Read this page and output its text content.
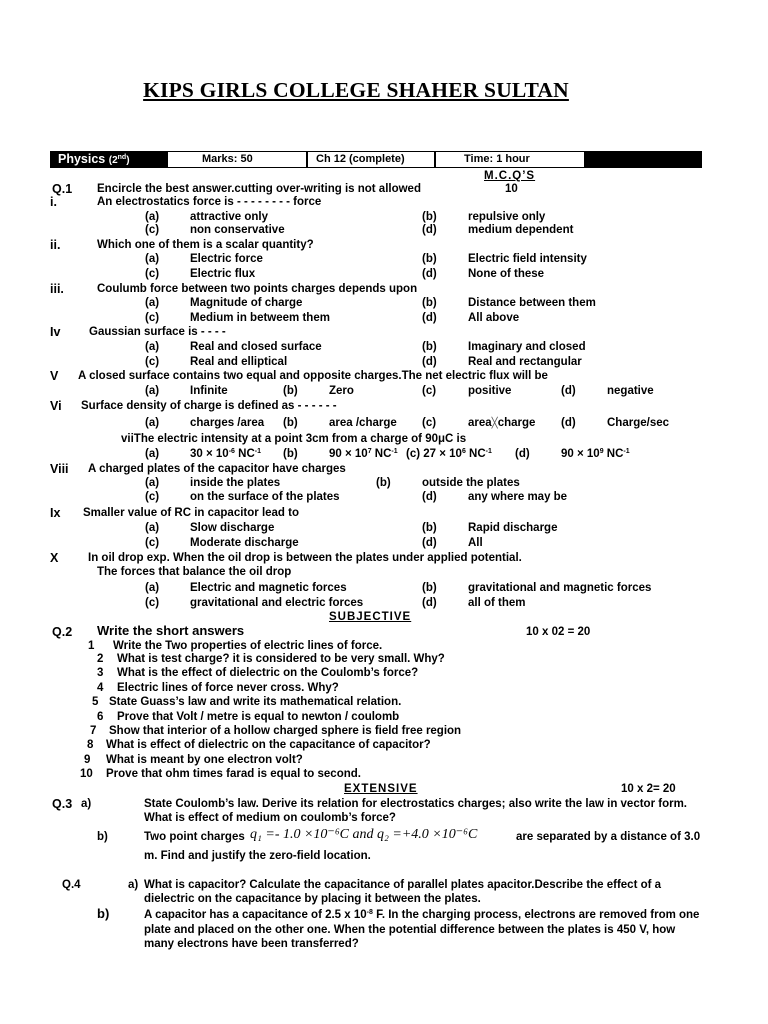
KIPS GIRLS COLLEGE SHAHER SULTAN
Physics (2nd)	Marks: 50	Ch 12 (complete)	Time: 1 hour
M.C.Q’S
Q.1 Encircle the best answer.cutting over-writing is not allowed	10
i.	An electrostatics force is - - - - - - - - force
(a)	attractive only	(b)	repulsive only
(c)	non conservative	(d)	medium dependent
ii.	Which one of them is a scalar quantity?
(a)	Electric force	(b)	Electric field intensity
(c)	Electric flux	(d)	None of these
iii.	Coulumb force between two points charges depends upon
(a)	Magnitude of charge	(b)	Distance between them
(c)	Medium in betweem them	(d)	All above
Iv Gaussian surface is - - - -
(a)	Real and closed surface	(b)	Imaginary and closed
(c)	Real and elliptical	(d)	Real and rectangular
V A closed surface contains two equal and opposite charges.The net electric flux will be
(a)	Infinite	(b)	Zero	(c)	positive	(d)	negative
Vi Surface density of charge is defined as - - - - - -
(a)	charges /area (b)	area /charge (c)	area╳charge (d)	Charge/sec
viiThe electric intensity at a point 3cm from a charge of 90μC is
(a)	$30 \times 10^{-6}$ $NC^{-1}$ (b)	$90 \times 10^7$ $NC^{-1}$ (c) $27 \times 10^6$ $NC^{-1}$ (d)	$90 \times 10^9$ $NC^{-1}$
Viii A charged plates of the capacitor have charges
(a)	inside the plates	(b)	outside the plates
(c)	on the surface of the plates	(d)	any where may be
Ix Smaller value of RC in capacitor lead to
(a)	Slow discharge	(b)	Rapid discharge
(c)	Moderate discharge	(d)	All
X	In oil drop exp. When the oil drop is between the plates under applied potential.
The forces that balance the oil drop
(a)	Electric and magnetic forces	(b)	gravitational and magnetic forces
(c)	gravitational and electric forces	(d)	all of them
SUBJECTIVE
Q.2 Write the short answers	10 x 02 = 20
1 Write the Two properties of electric lines of force.
2 What is test charge? it is considered to be very small. Why?
3 What is the effect of dielectric on the Coulomb’s force?
4 Electric lines of force never cross. Why?
5 State Guass’s law and write its mathematical relation.
6 Prove that Volt / metre is equal to newton / coulomb
7 Show that interior of a hollow charged sphere is field free region
8 What is effect of dielectric on the capacitance of capacitor?
9 What is meant by one electron volt?
10 Prove that ohm times farad is equal to second.
EXTENSIVE	10 x 2= 20
Q.3 a)	State Coulomb’s law. Derive its relation for electrostatics charges; also write the law in vector form.
What is effect of medium on coulomb’s force?
b)	Two point charges q₁ =- 1.0 ×10⁻⁶C and q₂ =+4.0 ×10⁻⁶C	are separated by a distance of 3.0
m. Find and justify the zero-field location.
Q.4	a) What is capacitor? Calculate the capacitance of parallel plates apacitor.Describe the effect of a
dielectric on the capacitance by placing it between the plates.
b)	A capacitor has a capacitance of 2.5 x $10^{-8}$ F. In the charging process, electrons are removed from one
plate and placed on the other one. When the potential difference between the plates is 450 V, how
many electrons have been transferred?
